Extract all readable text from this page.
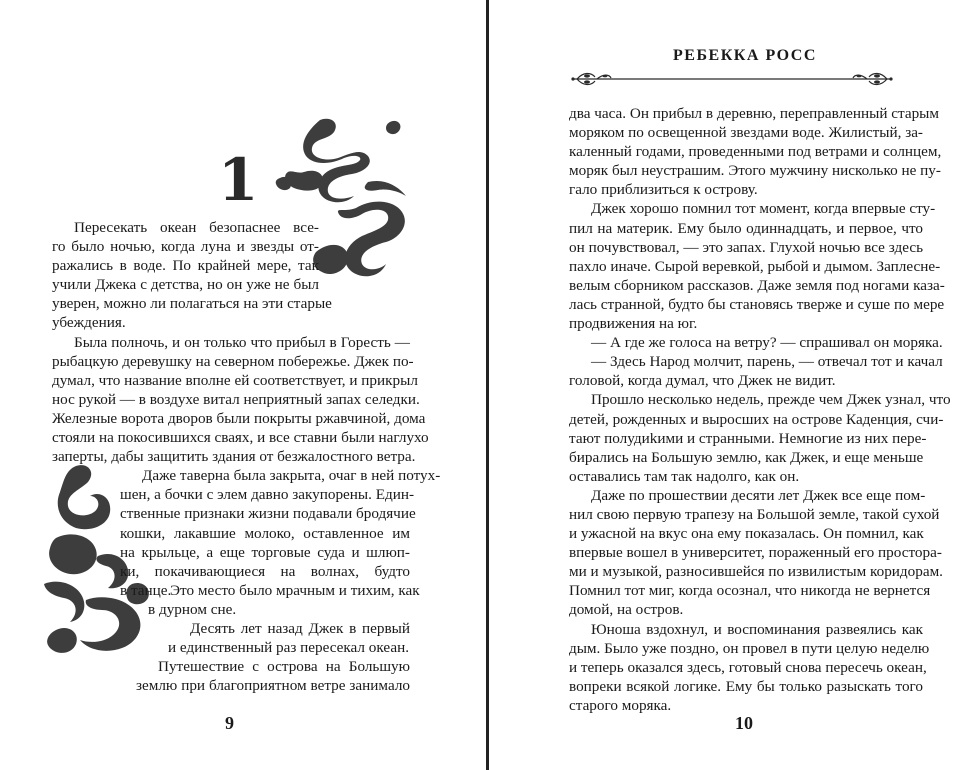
1
Пересекать океан безопаснее все-
го было ночью, когда луна и звезды от-
ражались в воде. По крайней мере, так
учили Джека с детства, но он уже не был
уверен, можно ли полагаться на эти старые
убеждения.
Была полночь, и он только что прибыл в Горесть —
рыбацкую деревушку на северном побережье. Джек по-
думал, что название вполне ей соответствует, и прикрыл
нос рукой — в воздухе витал неприятный запах селедки.
Железные ворота дворов были покрыты ржавчиной, дома
стояли на покосившихся сваях, и все ставни были наглухо
заперты, дабы защитить здания от безжалостного ветра.
Даже таверна была закрыта, очаг в ней потух-
шен, а бочки с элем давно закупорены. Един-
ственные признаки жизни подавали бродячие
кошки, лакавшие молоко, оставленное им
на крыльце, а еще торговые суда и шлюп-
ки, покачивающиеся на волнах, будто
в танце.
Это место было мрачным и тихим, как
в дурном сне.
Десять лет назад Джек в первый
и единственный раз пересекал океан.
Путешествие с острова на Большую
землю при благоприятном ветре занимало
9
РЕБЕККА РОСС
два часа. Он прибыл в деревню, переправленный старым
моряком по освещенной звездами воде. Жилистый, за-
каленный годами, проведенными под ветрами и солнцем,
моряк был неустрашим. Этого мужчину нисколько не пу-
гало приблизиться к острову.
Джек хорошо помнил тот момент, когда впервые сту-
пил на материк. Ему было одиннадцать, и первое, что
он почувствовал, — это запах. Глухой ночью все здесь
пахло иначе. Сырой веревкой, рыбой и дымом. Заплесне-
велым сборником рассказов. Даже земля под ногами каза-
лась странной, будто бы становясь тверже и суше по мере
продвижения на юг.
— А где же голоса на ветру? — спрашивал он моряка.
— Здесь Народ молчит, парень, — отвечал тот и качал
головой, когда думал, что Джек не видит.
Прошло несколько недель, прежде чем Джек узнал, что
детей, рожденных и выросших на острове Каденция, счи-
тают полудиkими и странными. Немногие из них пере-
бирались на Большую землю, как Джек, и еще меньше
оставались там так надолго, как он.
Даже по прошествии десяти лет Джек все еще пом-
нил свою первую трапезу на Большой земле, такой сухой
и ужасной на вкус она ему показалась. Он помнил, как
впервые вошел в университет, пораженный его простора-
ми и музыкой, разносившейся по извилистым коридорам.
Помнил тот миг, когда осознал, что никогда не вернется
домой, на остров.
Юноша вздохнул, и воспоминания развеялись как
дым. Было уже поздно, он провел в пути целую неделю
и теперь оказался здесь, готовый снова пересечь океан,
вопреки всякой логике. Ему бы только разыскать того
старого моряка.
10
